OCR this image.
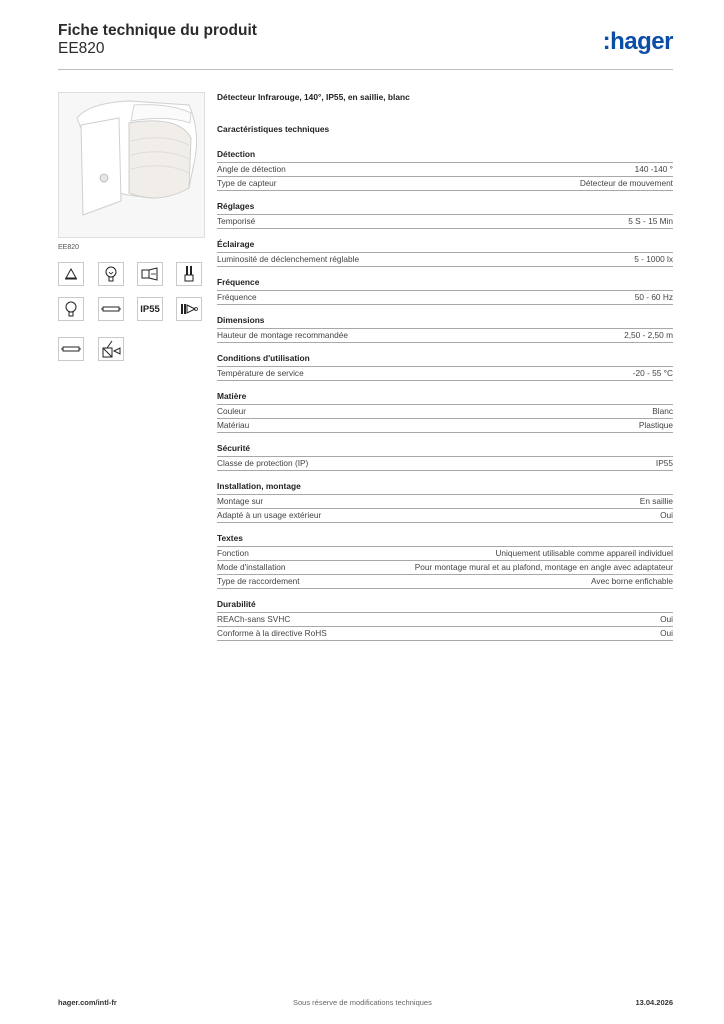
Fiche technique du produit
EE820	:hager
EE820
IP55
Détecteur Infrarouge, 140°, IP55, en saillie, blanc
Caractéristiques techniques
Détection
Angle de détection	140 -140 °
Type de capteur	Détecteur de mouvement
Réglages
Temporisé	5 S - 15 Min
Éclairage
Luminosité de déclenchement réglable	5 - 1000 lx
Fréquence
Fréquence	50 - 60 Hz
Dimensions
Hauteur de montage recommandée	2,50 - 2,50 m
Conditions d'utilisation
Température de service	-20 - 55 °C
Matière
Couleur	Blanc
Matériau	Plastique
Sécurité
Classe de protection (IP)	IP55
Installation, montage
Montage sur	En saillie
Adapté à un usage extérieur	Oui
Textes
Fonction	Uniquement utilisable comme appareil individuel
Mode d'installation	Pour montage mural et au plafond, montage en angle avec adaptateur
Type de raccordement	Avec borne enfichable
Durabilité
REACh-sans SVHC	Oui
Conforme à la directive RoHS	Oui
hager.com/intl-fr	Sous réserve de modifications techniques	13.04.2026
